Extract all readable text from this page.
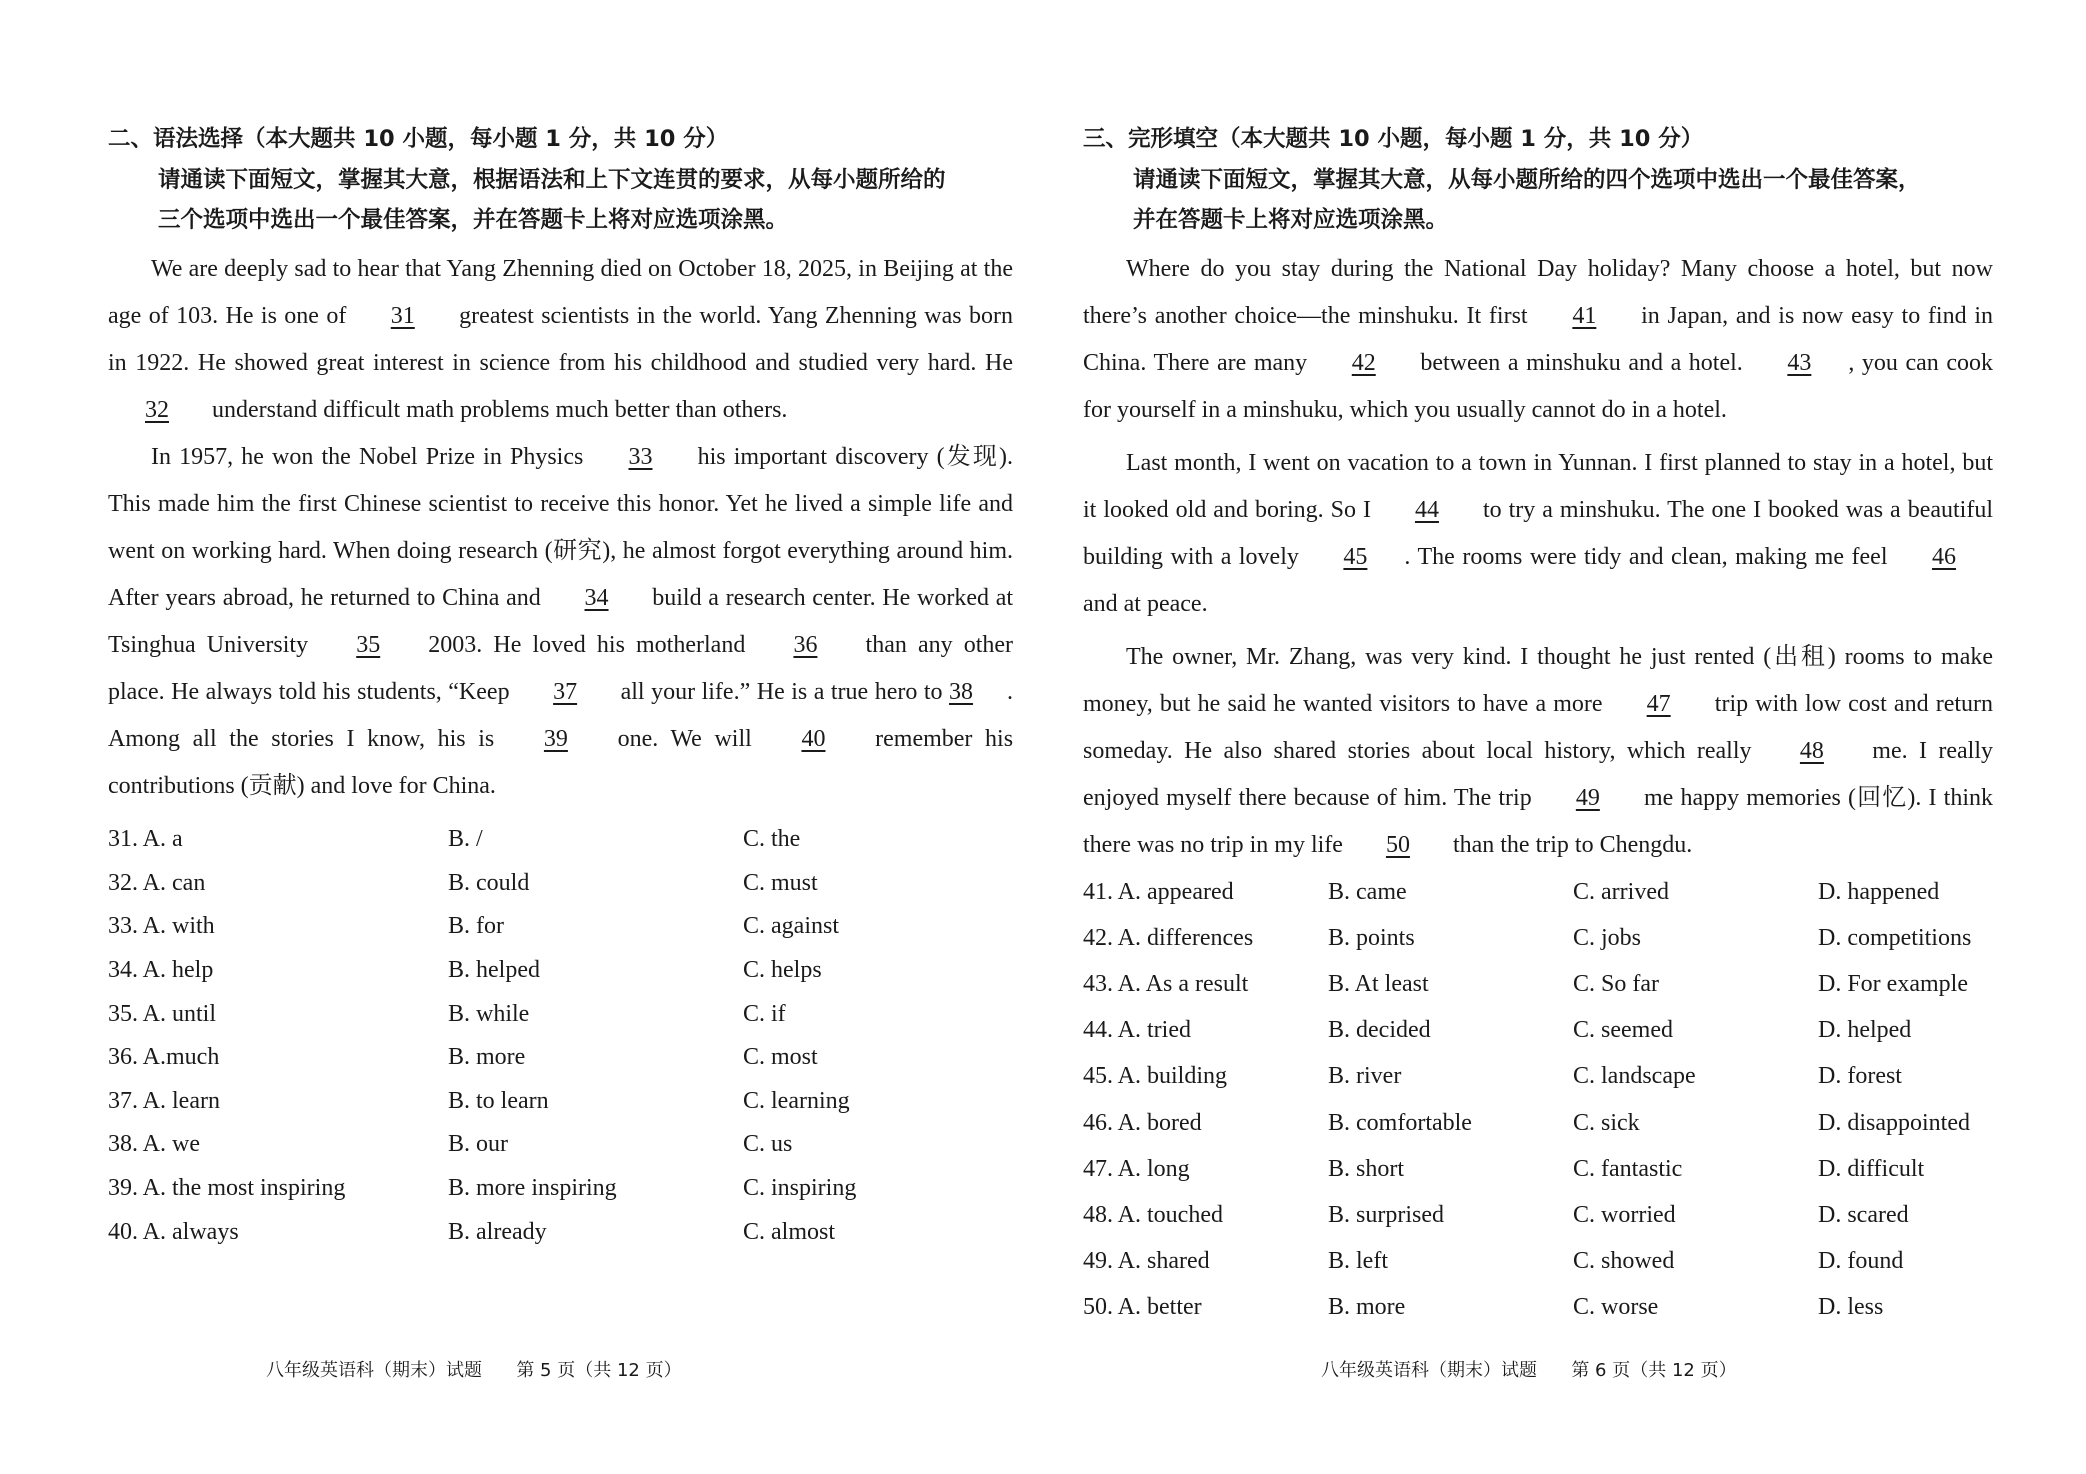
二、语法选择（本大题共 10 小题，每小题 1 分，共 10 分）

请通读下面短文，掌握其大意，根据语法和上下文连贯的要求，从每小题所给的

三个选项中选出一个最佳答案，并在答题卡上将对应选项涂黑。

We are deeply sad to hear that Yang Zhenning died on October 18, 2025, in Beijing at the age of 103. He is one of 31 greatest scientists in the world. Yang Zhenning was born in 1922. He showed great interest in science from his childhood and studied very hard. He 32 understand difficult math problems much better than others.

In 1957, he won the Nobel Prize in Physics 33 his important discovery (发现). This made him the first Chinese scientist to receive this honor. Yet he lived a simple life and went on working hard. When doing research (研究), he almost forgot everything around him. After years abroad, he returned to China and 34 build a research center. He worked at Tsinghua University 35 2003. He loved his motherland 36 than any other place. He always told his students, “Keep 37 all your life.” He is a true hero to 38 . Among all the stories I know, his is 39 one. We will 40 remember his contributions (贡献) and love for China.

31. A. a	B. /	C. the
32. A. can	B. could	C. must
33. A. with	B. for	C. against
34. A. help	B. helped	C. helps
35. A. until	B. while	C. if
36. A.much	B. more	C. most
37. A. learn	B. to learn	C. learning
38. A. we	B. our	C. us
39. A. the most inspiring	B. more inspiring	C. inspiring
40. A. always	B. already	C. almost
八年级英语科（期末）试题      第 5 页（共 12 页）

三、完形填空（本大题共 10 小题，每小题 1 分，共 10 分）

请通读下面短文，掌握其大意，从每小题所给的四个选项中选出一个最佳答案，

并在答题卡上将对应选项涂黑。

Where do you stay during the National Day holiday? Many choose a hotel, but now there’s another choice—the minshuku. It first 41 in Japan, and is now easy to find in China. There are many 42 between a minshuku and a hotel. 43 , you can cook for yourself in a minshuku, which you usually cannot do in a hotel.

Last month, I went on vacation to a town in Yunnan. I first planned to stay in a hotel, but it looked old and boring. So I 44 to try a minshuku. The one I booked was a beautiful building with a lovely 45 . The rooms were tidy and clean, making me feel 46 and at peace.

The owner, Mr. Zhang, was very kind. I thought he just rented (出租) rooms to make money, but he said he wanted visitors to have a more 47 trip with low cost and return someday. He also shared stories about local history, which really 48 me. I really enjoyed myself there because of him. The trip 49 me happy memories (回忆). I think there was no trip in my life 50 than the trip to Chengdu.

41. A. appeared	B. came	C. arrived	D. happened
42. A. differences	B. points	C. jobs	D. competitions
43. A. As a result	B. At least	C. So far	D. For example
44. A. tried	B. decided	C. seemed	D. helped
45. A. building	B. river	C. landscape	D. forest
46. A. bored	B. comfortable	C. sick	D. disappointed
47. A. long	B. short	C. fantastic	D. difficult
48. A. touched	B. surprised	C. worried	D. scared
49. A. shared	B. left	C. showed	D. found
50. A. better	B. more	C. worse	D. less
八年级英语科（期末）试题      第 6 页（共 12 页）
